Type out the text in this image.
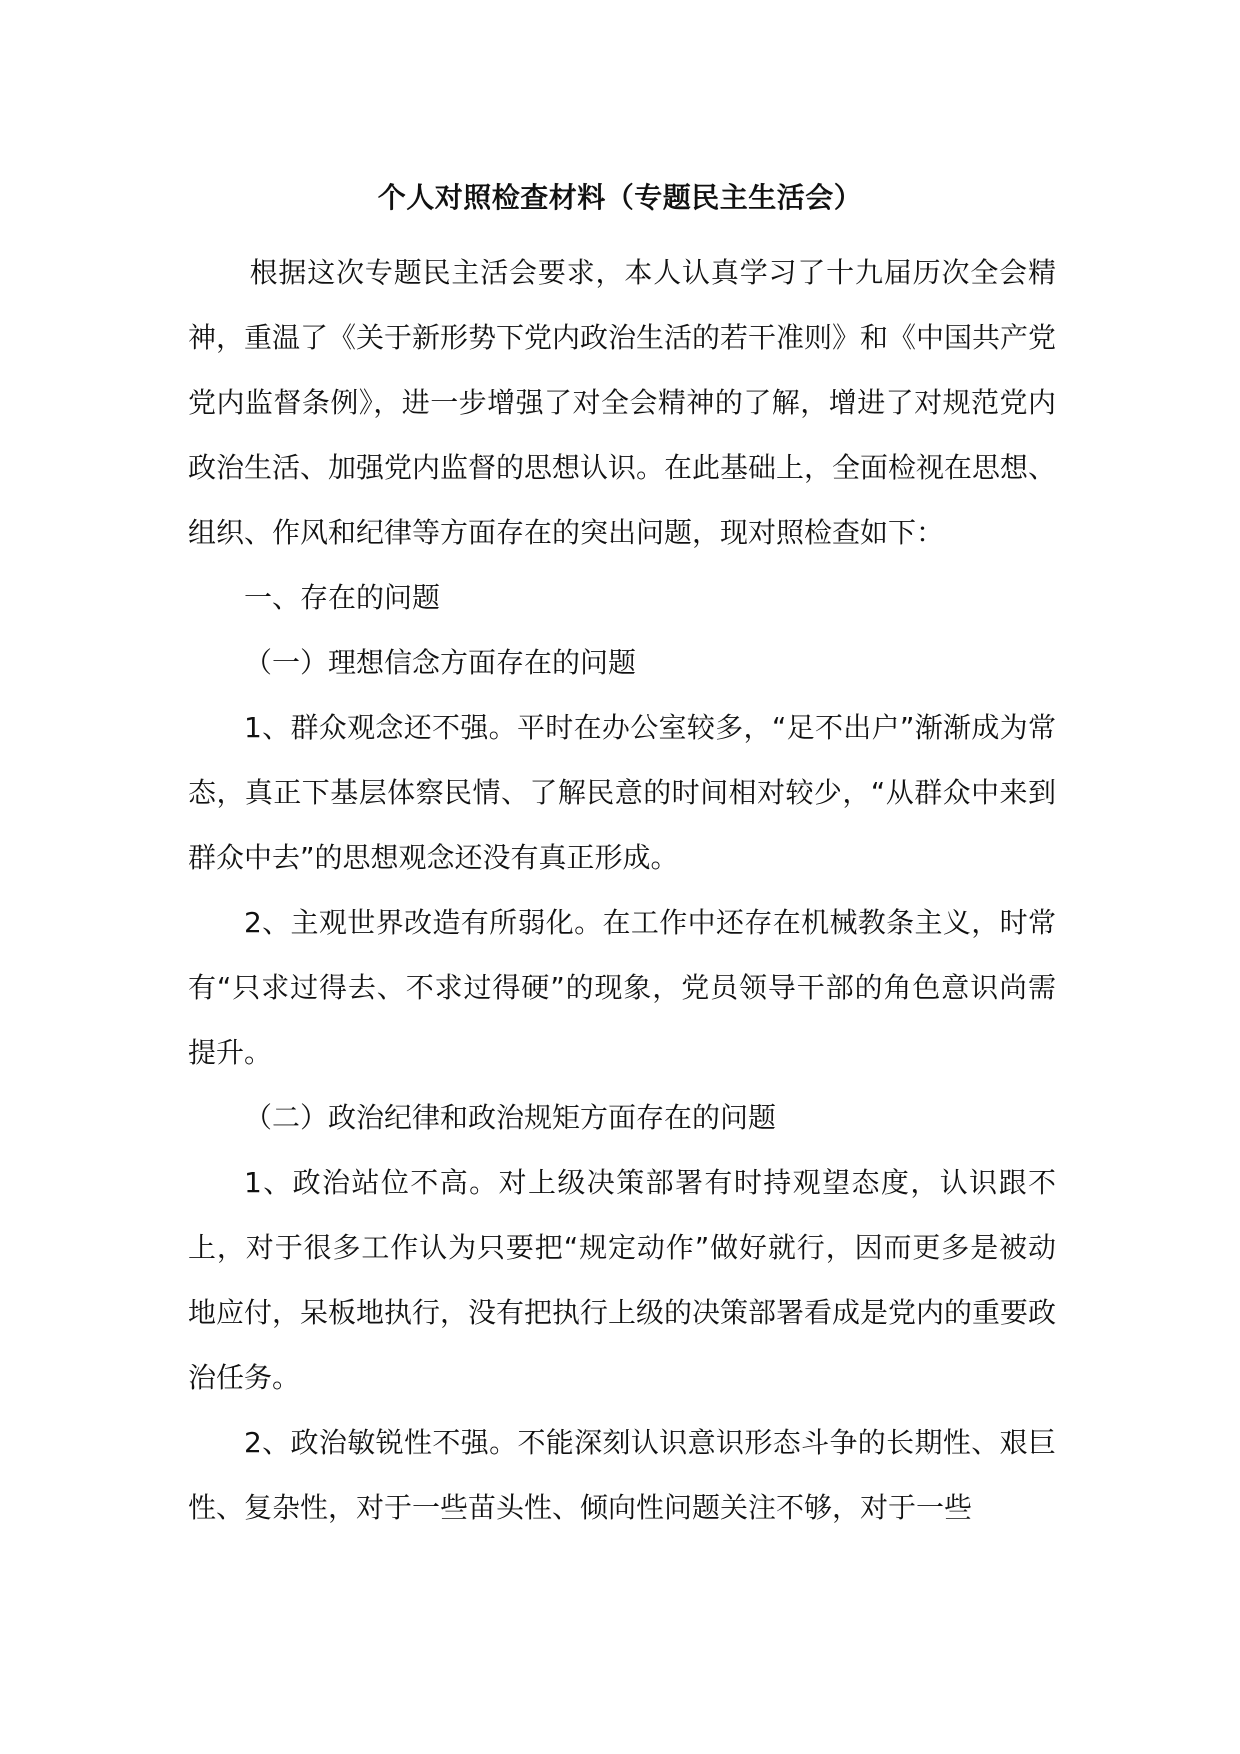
个人对照检查材料（专题民主生活会）

根据这次专题民主活会要求，本人认真学习了十九届历次全会精神，重温了《关于新形势下党内政治生活的若干准则》和《中国共产党党内监督条例》，进一步增强了对全会精神的了解，增进了对规范党内政治生活、加强党内监督的思想认识。在此基础上，全面检视在思想、组织、作风和纪律等方面存在的突出问题，现对照检查如下：

一、存在的问题

（一）理想信念方面存在的问题

1、群众观念还不强。平时在办公室较多，“足不出户”渐渐成为常态，真正下基层体察民情、了解民意的时间相对较少，“从群众中来到群众中去”的思想观念还没有真正形成。

2、主观世界改造有所弱化。在工作中还存在机械教条主义，时常有“只求过得去、不求过得硬”的现象，党员领导干部的角色意识尚需提升。

（二）政治纪律和政治规矩方面存在的问题

1、政治站位不高。对上级决策部署有时持观望态度，认识跟不上，对于很多工作认为只要把“规定动作”做好就行，因而更多是被动地应付，呆板地执行，没有把执行上级的决策部署看成是党内的重要政治任务。

2、政治敏锐性不强。不能深刻认识意识形态斗争的长期性、艰巨性、复杂性，对于一些苗头性、倾向性问题关注不够，对于一些
